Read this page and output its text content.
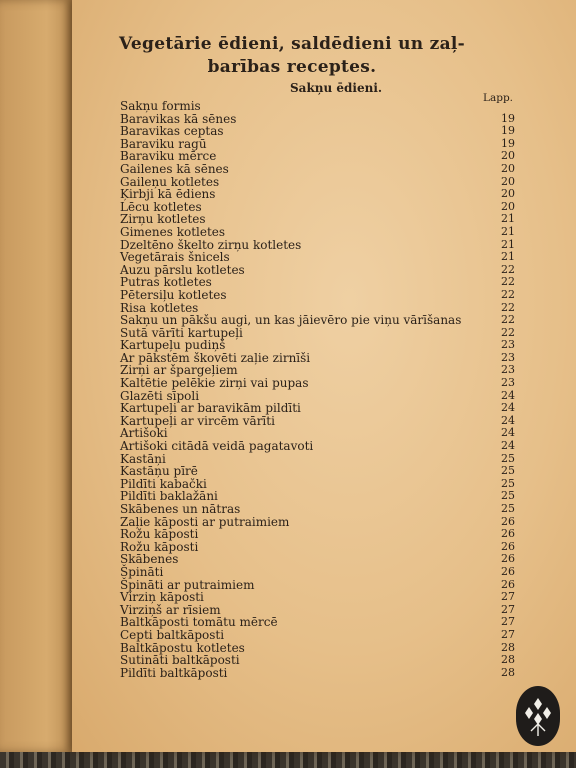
Vegetārie ēdieni, saldēdieni un zaļ-
barības receptes.
Sakņu ēdieni.
Lapp.
Sakņu formis
Baravikas kā sēnes	19
Baravikas ceptas	19
Baraviku ragū	19
Baraviku mērce	20
Gailenes kā sēnes	20
Gaileņu kotletes	20
Ķirbji kā ēdiens	20
Lēcu kotletes	20
Zirņu kotletes	21
Gimenes kotletes	21
Dzeltēno škelto zirņu kotletes	21
Vegetārais šnicels	21
Auzu pārslu kotletes	22
Putras kotletes	22
Pētersiļu kotletes	22
Risa kotletes	22
Sakņu un pākšu augi, un kas jāievēro pie viņu vārīšanas	22
Sutā vārīti kartupeļi	22
Kartupeļu pudiņš	23
Ar pākstēm škovēti zaļie zirnīši	23
Zirņi ar špargeļiem	23
Kaltētie pelēkie zirņi vai pupas	23
Glazēti sīpoli	24
Kartupeļi ar baravikām pildīti	24
Kartupeļi ar vircēm vārīti	24
Artišoki	24
Artišoki citādā veidā pagatavoti	24
Kastāņi	25
Kastāņu pīrē	25
Pildīti kabački	25
Pildīti baklažāni	25
Skābenes un nātras	25
Zaļie kāposti ar putraimiem	26
Rožu kāposti	26
Rožu kāposti	26
Skābenes	26
Špināti	26
Špināti ar putraimiem	26
Virziņ kāposti	27
Virziņš ar rīsiem	27
Baltkāposti tomātu mērcē	27
Cepti baltkāposti	27
Baltkāpostu kotletes	28
Sutināti baltkāposti	28
Pildīti baltkāposti	28
